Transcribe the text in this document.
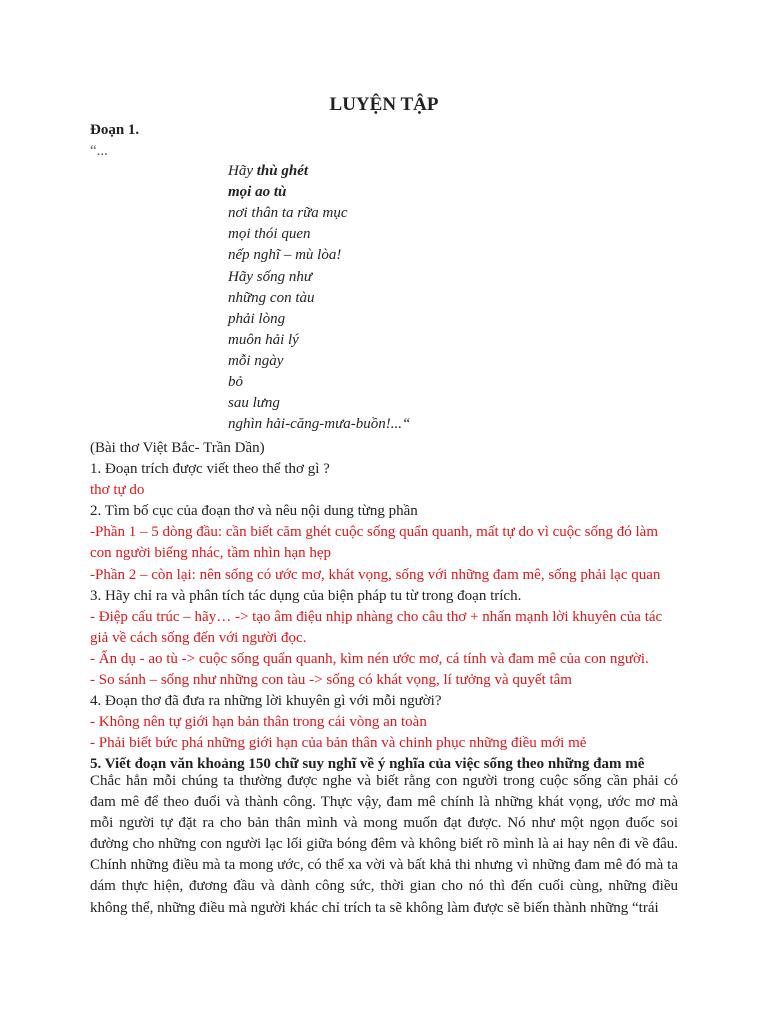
LUYỆN TẬP
Đoạn 1.
“...
Hãy thù ghét
mọi ao tù
nơi thân ta rữa mục
mọi thói quen
nếp nghĩ – mù lòa!
Hãy sống như
những con tàu
phải lòng
muôn hải lý
mỗi ngày
bỏ
sau lưng
nghìn hải-căng-mưa-buồn!...“
(Bài thơ Việt Bắc- Trần Dần)
1. Đoạn trích được viết theo thể thơ gì ?
thơ tự do
2. Tìm bố cục của đoạn thơ và nêu nội dung từng phần
-Phần 1 – 5 dòng đầu: cần biết căm ghét cuộc sống quẩn quanh, mất tự do vì cuộc sống đó làm
con người biếng nhác, tầm nhìn hạn hẹp
-Phần 2 – còn lại: nên sống có ước mơ, khát vọng, sống với những đam mê, sống phải lạc quan
3. Hãy chỉ ra và phân tích tác dụng của biện pháp tu từ trong đoạn trích.
- Điệp cấu trúc – hãy… -> tạo âm điệu nhịp nhàng cho câu thơ + nhấn mạnh lời khuyên của tác
giả về cách sống đến với người đọc.
- Ẩn dụ - ao tù -> cuộc sống quẩn quanh, kìm nén ước mơ, cá tính và đam mê của con người.
- So sánh – sống như những con tàu -> sống có khát vọng, lí tưởng và quyết tâm
4. Đoạn thơ đã đưa ra những lời khuyên gì với mỗi người?
- Không nên tự giới hạn bản thân trong cái vòng an toàn
- Phải biết bức phá những giới hạn của bản thân và chinh phục những điều mới mẻ
5. Viết đoạn văn khoảng 150 chữ suy nghĩ về ý nghĩa của việc sống theo những đam mê
Chắc hẳn mỗi chúng ta thường được nghe và biết rằng con người trong cuộc sống cần phải có đam mê để theo đuổi và thành công. Thực vậy, đam mê chính là những khát vọng, ước mơ mà mỗi người tự đặt ra cho bản thân mình và mong muốn đạt được. Nó như một ngọn đuốc soi đường cho những con người lạc lối giữa bóng đêm và không biết rõ mình là ai hay nên đi về đâu. Chính những điều mà ta mong ước, có thể xa vời và bất khả thi nhưng vì những đam mê đó mà ta dám thực hiện, đương đầu và dành công sức, thời gian cho nó thì đến cuối cùng, những điều không thể, những điều mà người khác chỉ trích ta sẽ không làm được sẽ biến thành những “trái
